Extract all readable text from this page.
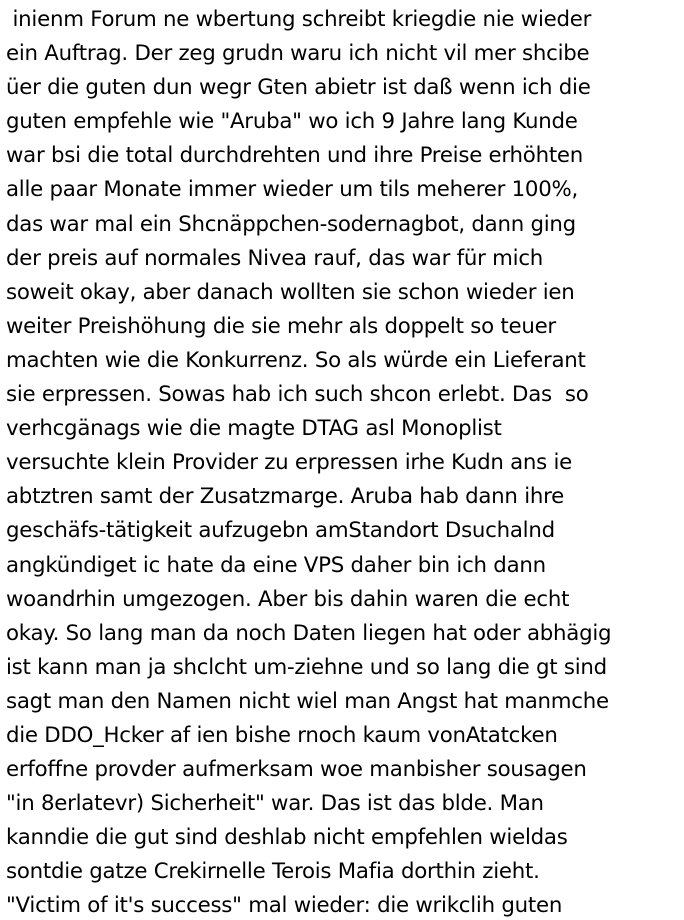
inienm Forum ne wbertung schreibt kriegdie nie wieder
ein Auftrag. Der zeg grudn waru ich nicht vil mer shcibe
üer die guten dun wegr Gten abietr ist daß wenn ich die
guten empfehle wie "Aruba" wo ich 9 Jahre lang Kunde
war bsi die total durchdrehten und ihre Preise erhöhten
alle paar Monate immer wieder um tils meherer 100%,
das war mal ein Shcnäppchen-sodernagbot, dann ging
der preis auf normales Nivea rauf, das war für mich
soweit okay, aber danach wollten sie schon wieder ien
weiter Preishöhung die sie mehr als doppelt so teuer
machten wie die Konkurrenz. So als würde ein Lieferant
sie erpressen. Sowas hab ich such shcon erlebt. Das  so
verhcgänags wie die magte DTAG asl Monoplist
versuchte klein Provider zu erpressen irhe Kudn ans ie
abtztren samt der Zusatzmarge. Aruba hab dann ihre
geschäfs-tätigkeit aufzugebn amStandort Dsuchalnd
angkündiget ic hate da eine VPS daher bin ich dann
woandrhin umgezogen. Aber bis dahin waren die echt
okay. So lang man da noch Daten liegen hat oder abhägig
ist kann man ja shclcht um-ziehne und so lang die gt sind
sagt man den Namen nicht wiel man Angst hat manmche
die DDO_Hcker af ien bishe rnoch kaum vonAtatcken
erfoffne provder aufmerksam woe manbisher sousagen
"in 8erlatevr) Sicherheit" war. Das ist das blde. Man
kanndie die gut sind deshlab nicht empfehlen wieldas
sontdie gatze Crekirnelle Terois Mafia dorthin zieht.
"Victim of it's success" mal wieder: die wrikclih guten
